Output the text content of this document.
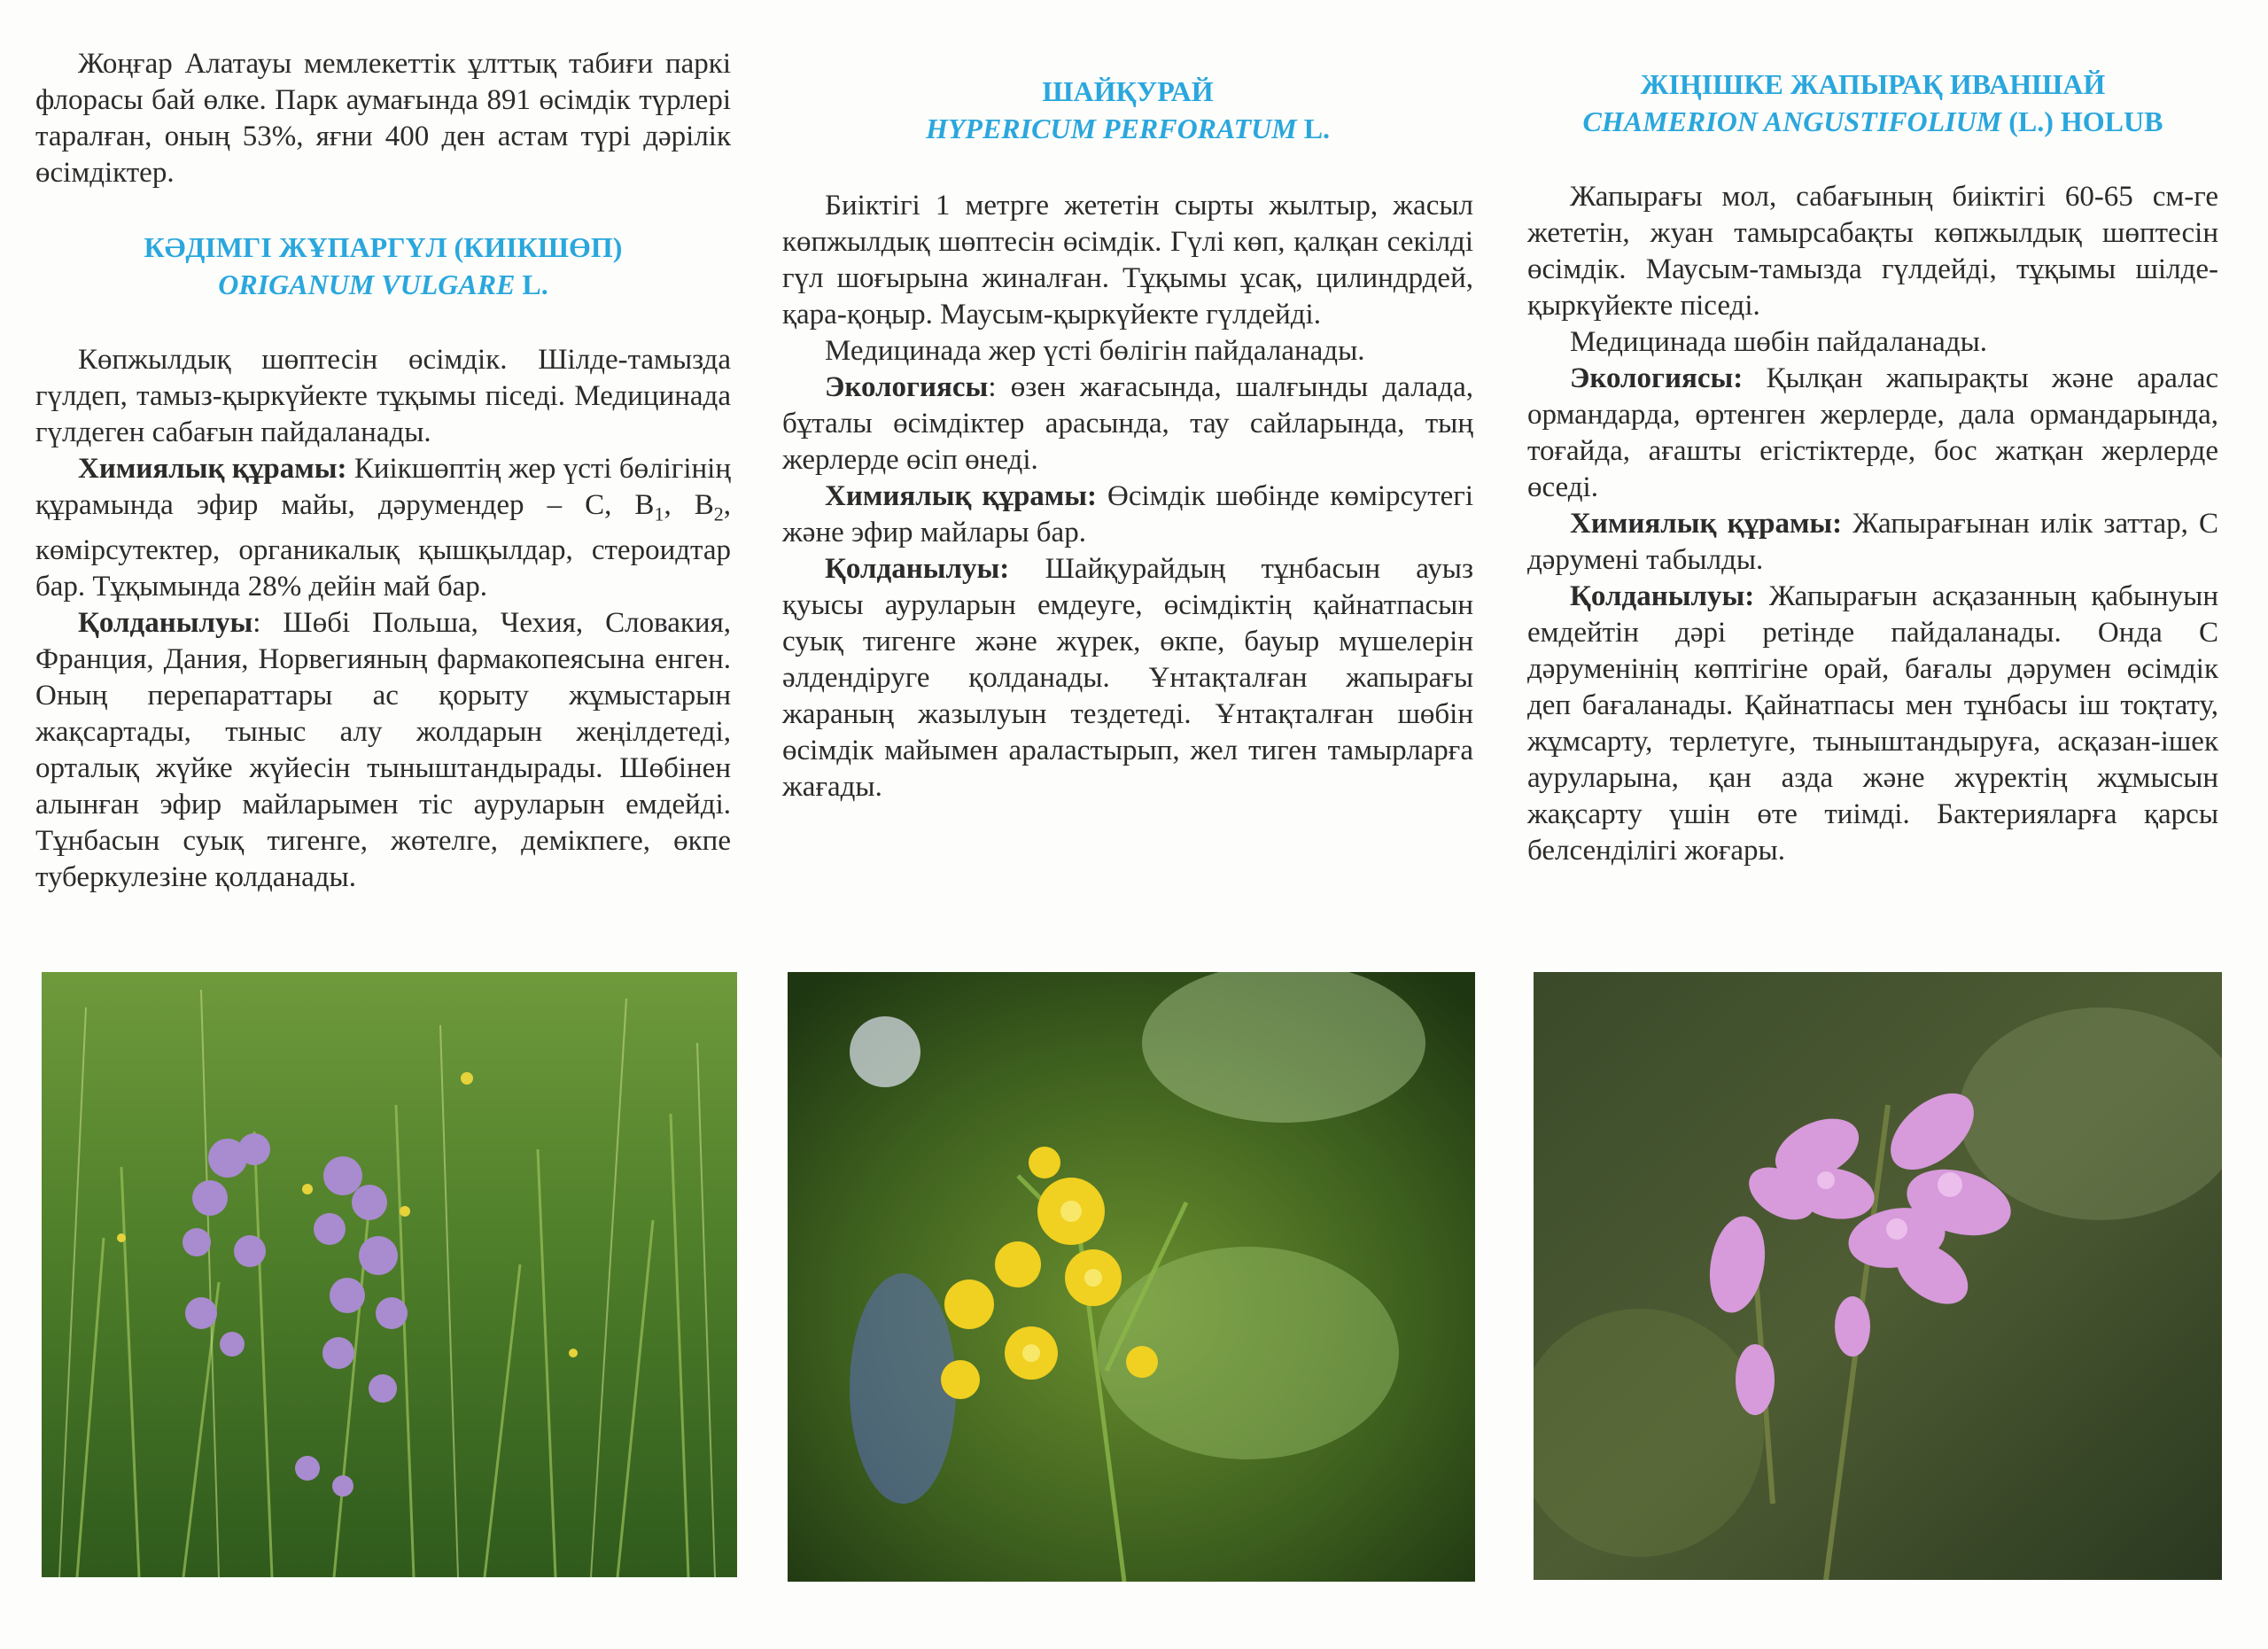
Жоңғар Алатауы мемлекеттік ұлттық табиғи паркі флорасы бай өлке. Парк аумағында 891 өсімдік түрлері таралған, оның 53%, яғни 400 ден астам түрі дәрілік өсімдіктер.

КӘДІМГІ ЖҰПАРГҮЛ (КИІКШӨП)

ORIGANUM VULGARE L.

Көпжылдық шөптесін өсімдік. Шілде-тамызда гүлдеп, тамыз-қыркүйекте тұқымы піседі. Медицинада гүлдеген сабағын пайдаланады.

Химиялық құрамы: Киікшөптің жер үсті бөлігінің құрамында эфир майы, дәрумендер – С, $В_1$, $В_2$, көмірсутектер, органикалық қышқылдар, стероидтар бар. Тұқымында 28% дейін май бар.

Қолданылуы: Шөбі Польша, Чехия, Словакия, Франция, Дания, Норвегияның фармакопеясына енген. Оның перепараттары ас қорыту жұмыстарын жақсартады, тыныс алу жолдарын жеңілдетеді, орталық жүйке жүйесін тыныштандырады. Шөбінен алынған эфир майларымен тіс ауруларын емдейді. Тұнбасын суық тигенге, жөтелге, демікпеге, өкпе туберкулезіне қолданады.

ШАЙҚУРАЙ

HYPERICUM PERFORATUM L.

Биіктігі 1 метрге жететін сырты жылтыр, жасыл көпжылдық шөптесін өсімдік. Гүлі көп, қалқан секілді гүл шоғырына жиналған. Тұқымы ұсақ, цилиндрдей, қара-қоңыр. Маусым-қыркүйекте гүлдейді.

Медицинада жер үсті бөлігін пайдаланады.

Экологиясы: өзен жағасында, шалғынды далада, бұталы өсімдіктер арасында, тау сайларында, тың жерлерде өсіп өнеді.

Химиялық құрамы: Өсімдік шөбінде көмірсутегі және эфир майлары бар.

Қолданылуы: Шайқурайдың тұнбасын ауыз қуысы ауруларын емдеуге, өсімдіктің қайнатпасын суық тигенге және жүрек, өкпе, бауыр мүшелерін әлдендіруге қолданады. Ұнтақталған жапырағы жараның жазылуын тездетеді. Ұнтақталған шөбін өсімдік майымен араластырып, жел тиген тамырларға жағады.

ЖІҢІШКЕ ЖАПЫРАҚ ИВАНШАЙ

CHAMERION ANGUSTIFOLIUM (L.) HOLUB

Жапырағы мол, сабағының биіктігі 60-65 см-ге жететін, жуан тамырсабақты көпжылдық шөптесін өсімдік. Маусым-тамызда гүлдейді, тұқымы шілде-қыркүйекте піседі.

Медицинада шөбін пайдаланады.

Экологиясы: Қылқан жапырақты және аралас ормандарда, өртенген жерлерде, дала ормандарында, тоғайда, ағашты егістіктерде, бос жатқан жерлерде өседі.

Химиялық құрамы: Жапырағынан илік заттар, С дәрумені табылды.

Қолданылуы: Жапырағын асқазанның қабынуын емдейтін дәрі ретінде пайдаланады. Онда С дәруменінің көптігіне орай, бағалы дәрумен өсімдік деп бағаланады. Қайнатпасы мен тұнбасы іш тоқтату, жұмсарту, терлетуге, тыныштандыруға, асқазан-ішек ауруларына, қан азда және жүректің жұмысын жақсарту үшін өте тиімді. Бактерияларға қарсы белсенділігі жоғары.
